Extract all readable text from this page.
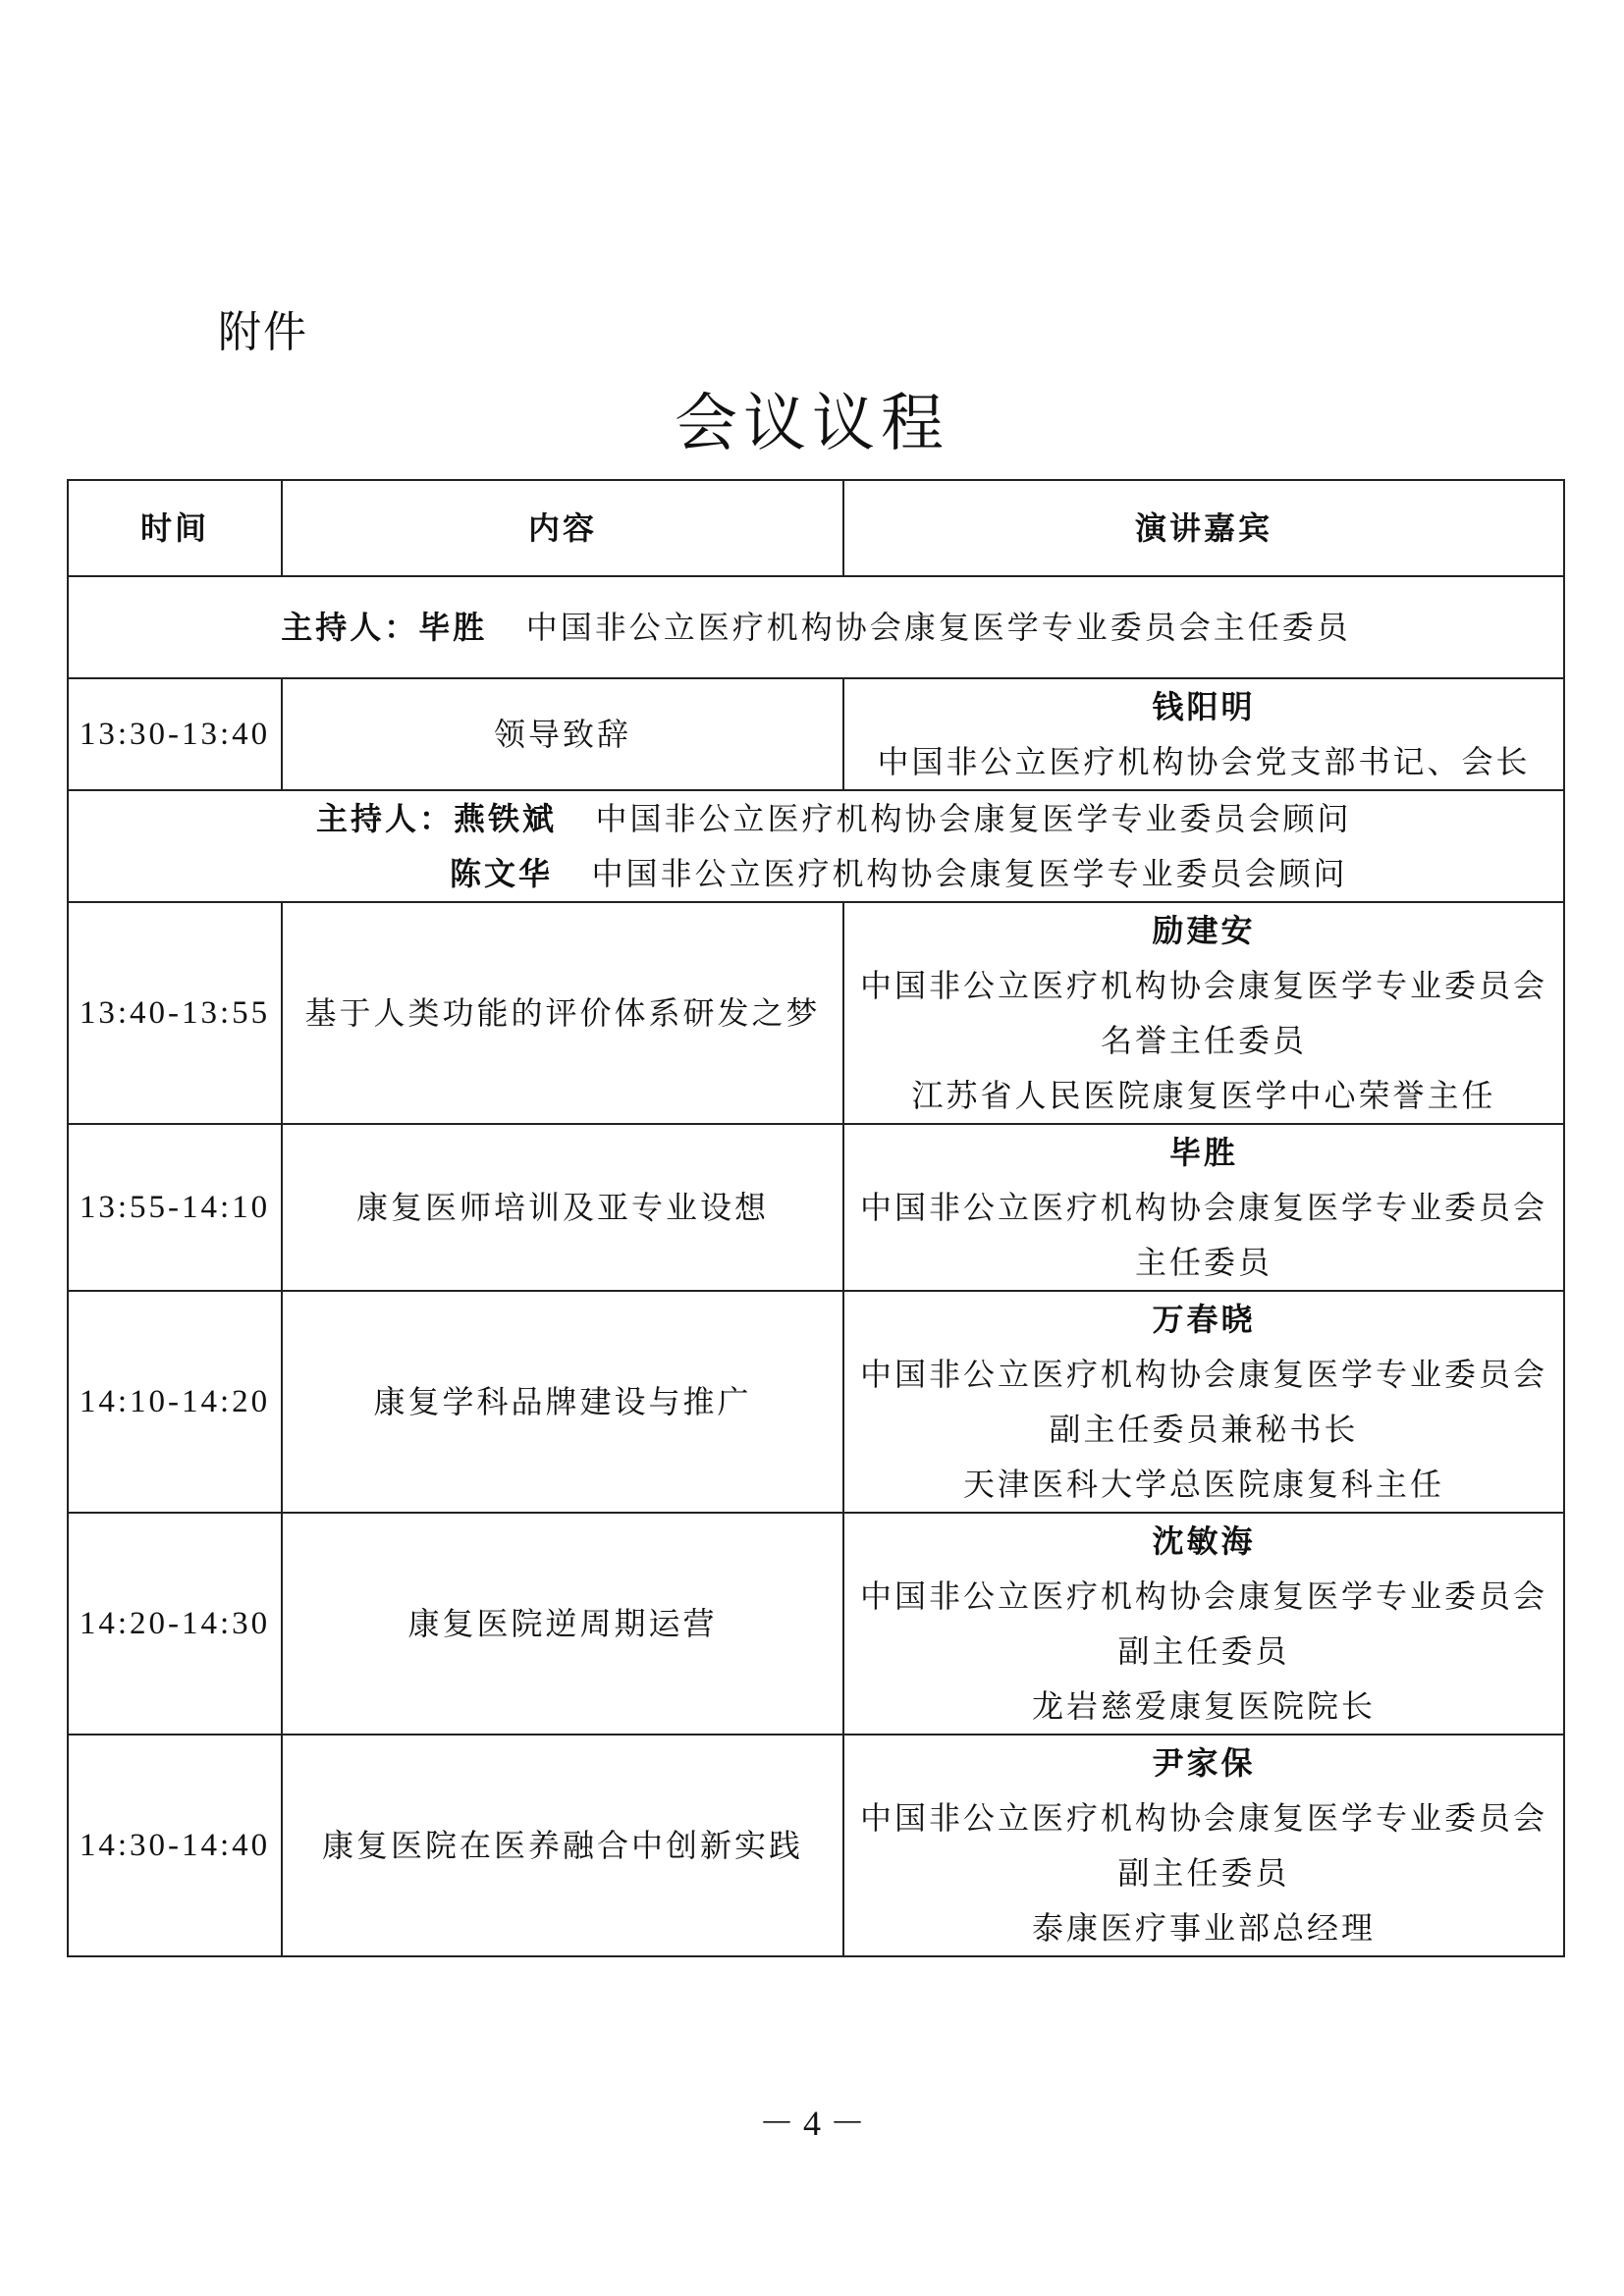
附件
会议议程
时间	内容	演讲嘉宾
主持人：毕胜 中国非公立医疗机构协会康复医学专业委员会主任委员		
13:30-13:40	领导致辞	钱阳明
中国非公立医疗机构协会党支部书记、会长

主持人：燕铁斌 中国非公立医疗机构协会康复医学专业委员会顾问
陈文华 中国非公立医疗机构协会康复医学专业委员会顾问		

13:40-13:55	基于人类功能的评价体系研发之梦	励建安
中国非公立医疗机构协会康复医学专业委员会
名誉主任委员
江苏省人民医院康复医学中心荣誉主任

13:55-14:10	康复医师培训及亚专业设想	毕胜
中国非公立医疗机构协会康复医学专业委员会
主任委员

14:10-14:20	康复学科品牌建设与推广	万春晓
中国非公立医疗机构协会康复医学专业委员会
副主任委员兼秘书长
天津医科大学总医院康复科主任

14:20-14:30	康复医院逆周期运营	沈敏海
中国非公立医疗机构协会康复医学专业委员会
副主任委员
龙岩慈爱康复医院院长

14:30-14:40	康复医院在医养融合中创新实践	尹家保
中国非公立医疗机构协会康复医学专业委员会
副主任委员
泰康医疗事业部总经理
－ 4 －
